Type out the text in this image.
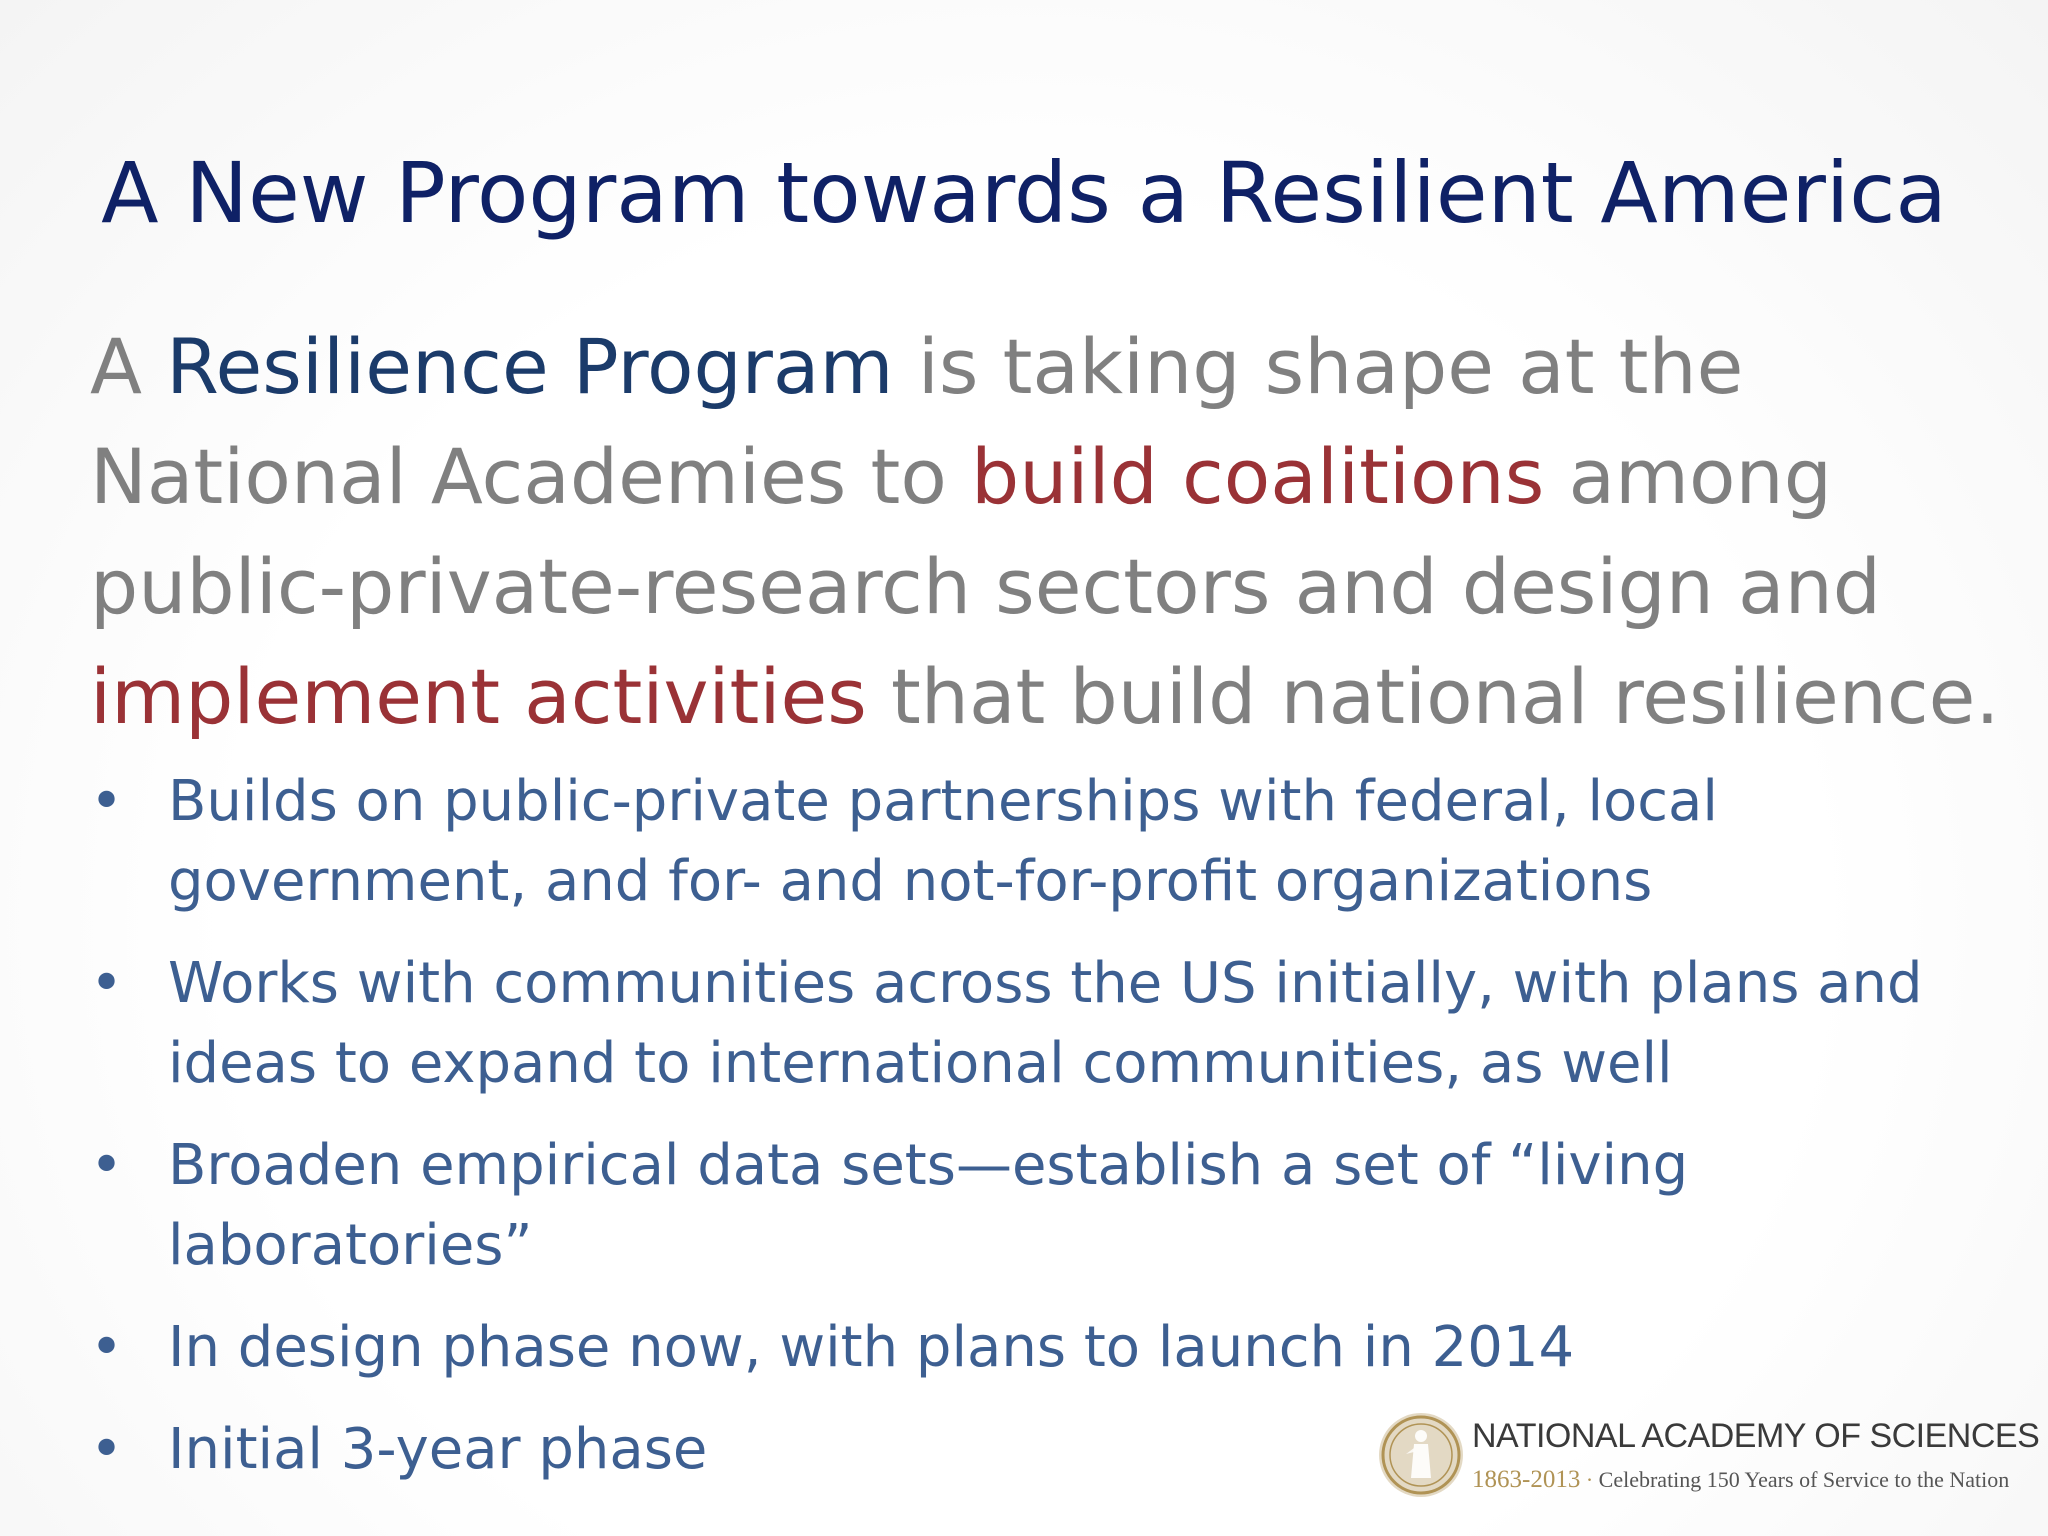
A New Program towards a Resilient America
A Resilience Program is taking shape at the National Academies to build coalitions among public-private-research sectors and design and implement activities that build national resilience.
• Builds on public-private partnerships with federal, local government, and for- and not-for-profit organizations
• Works with communities across the US initially, with plans and ideas to expand to international communities, as well
• Broaden empirical data sets—establish a set of “living laboratories”
• In design phase now, with plans to launch in 2014
• Initial 3-year phase	NATIONAL ACADEMY OF SCIENCES
1863-2013 · Celebrating 150 Years of Service to the Nation
